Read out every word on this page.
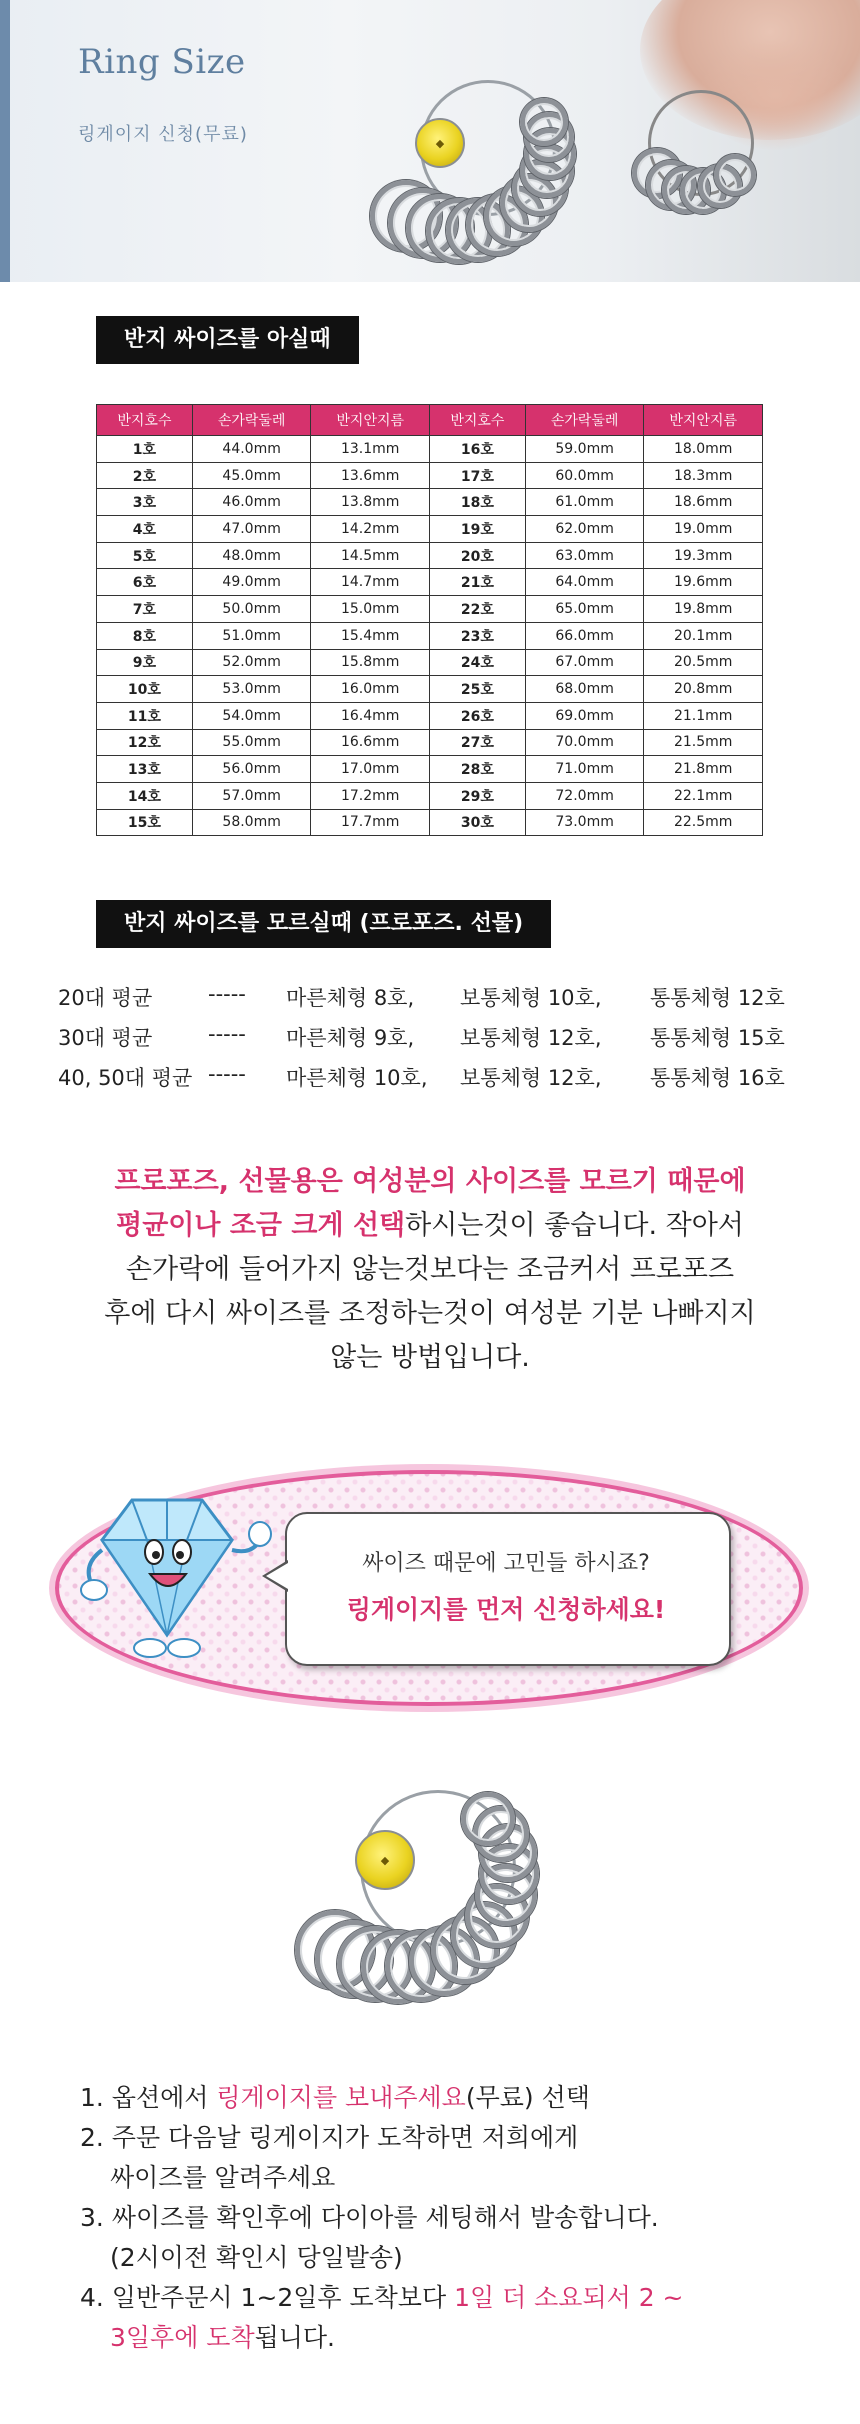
Ring Size
링게이지 신청(무료)	◆
반지 싸이즈를 아실때
반지호수	손가락둘레	반지안지름	반지호수	손가락둘레	반지안지름
1호	44.0mm	13.1mm	16호	59.0mm	18.0mm
2호	45.0mm	13.6mm	17호	60.0mm	18.3mm
3호	46.0mm	13.8mm	18호	61.0mm	18.6mm
4호	47.0mm	14.2mm	19호	62.0mm	19.0mm
5호	48.0mm	14.5mm	20호	63.0mm	19.3mm
6호	49.0mm	14.7mm	21호	64.0mm	19.6mm
7호	50.0mm	15.0mm	22호	65.0mm	19.8mm
8호	51.0mm	15.4mm	23호	66.0mm	20.1mm
9호	52.0mm	15.8mm	24호	67.0mm	20.5mm
10호	53.0mm	16.0mm	25호	68.0mm	20.8mm
11호	54.0mm	16.4mm	26호	69.0mm	21.1mm
12호	55.0mm	16.6mm	27호	70.0mm	21.5mm
13호	56.0mm	17.0mm	28호	71.0mm	21.8mm
14호	57.0mm	17.2mm	29호	72.0mm	22.1mm
15호	58.0mm	17.7mm	30호	73.0mm	22.5mm
반지 싸이즈를 모르실때 (프로포즈. 선물)
20대 평균	----- 마른체형 8호, 보통체형 10호, 통통체형 12호
30대 평균	----- 마른체형 9호, 보통체형 12호, 통통체형 15호
40, 50대 평균 ----- 마른체형 10호, 보통체형 12호, 통통체형 16호
프로포즈, 선물용은 여성분의 사이즈를 모르기 때문에
평균이나 조금 크게 선택하시는것이 좋습니다. 작아서
손가락에 들어가지 않는것보다는 조금커서 프로포즈
후에 다시 싸이즈를 조정하는것이 여성분 기분 나빠지지
않는 방법입니다.
싸이즈 때문에 고민들 하시죠?
링게이지를 먼저 신청하세요!
◆
1. 옵션에서 링게이지를 보내주세요(무료) 선택
2. 주문 다음날 링게이지가 도착하면 저희에게
싸이즈를 알려주세요
3. 싸이즈를 확인후에 다이아를 세팅해서 발송합니다.
(2시이전 확인시 당일발송)
4. 일반주문시 1~2일후 도착보다 1일 더 소요되서 2 ~
3일후에 도착됩니다.
